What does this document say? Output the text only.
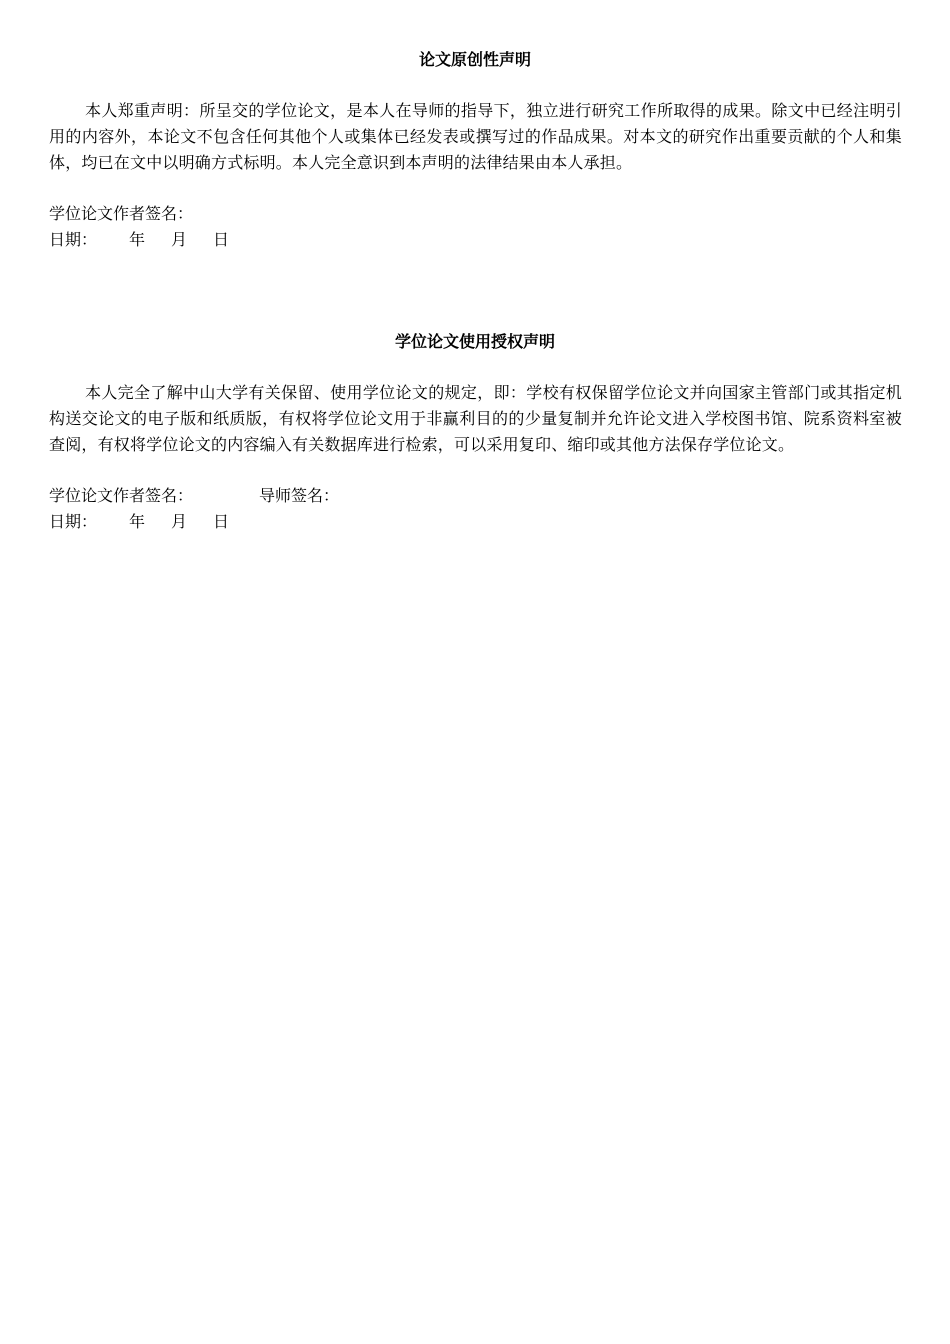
论文原创性声明
本人郑重声明：所呈交的学位论文，是本人在导师的指导下，独立进行研究工作所取得的成果。除文中已经注明引用的内容外，本论文不包含任何其他个人或集体已经发表或撰写过的作品成果。对本文的研究作出重要贡献的个人和集体，均已在文中以明确方式标明。本人完全意识到本声明的法律结果由本人承担。
学位论文作者签名：
日期： 年 月 日
学位论文使用授权声明
本人完全了解中山大学有关保留、使用学位论文的规定，即：学校有权保留学位论文并向国家主管部门或其指定机构送交论文的电子版和纸质版，有权将学位论文用于非赢利目的的少量复制并允许论文进入学校图书馆、院系资料室被查阅，有权将学位论文的内容编入有关数据库进行检索，可以采用复印、缩印或其他方法保存学位论文。
学位论文作者签名：	导师签名：
日期： 年 月 日
